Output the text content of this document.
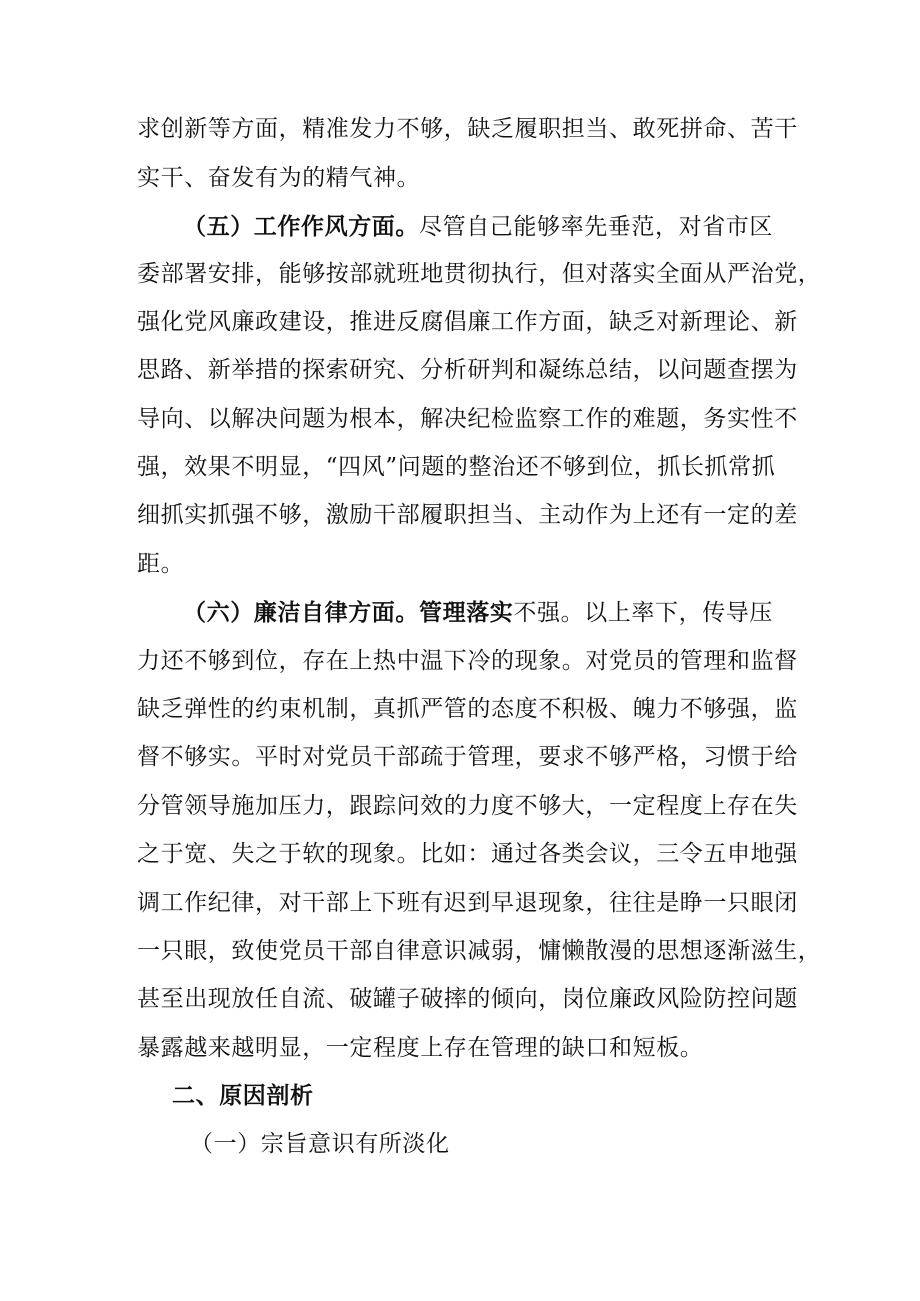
求创新等方面，精准发力不够，缺乏履职担当、敢死拼命、苦干
实干、奋发有为的精气神。
（五）工作作风方面。尽管自己能够率先垂范，对省市区
委部署安排，能够按部就班地贯彻执行，但对落实全面从严治党，
强化党风廉政建设，推进反腐倡廉工作方面，缺乏对新理论、新
思路、新举措的探索研究、分析研判和凝练总结，以问题查摆为
导向、以解决问题为根本，解决纪检监察工作的难题，务实性不
强，效果不明显，“四风”问题的整治还不够到位，抓长抓常抓
细抓实抓强不够，激励干部履职担当、主动作为上还有一定的差
距。
（六）廉洁自律方面。管理落实不强。以上率下，传导压
力还不够到位，存在上热中温下冷的现象。对党员的管理和监督
缺乏弹性的约束机制，真抓严管的态度不积极、魄力不够强，监
督不够实。平时对党员干部疏于管理，要求不够严格，习惯于给
分管领导施加压力，跟踪问效的力度不够大，一定程度上存在失
之于宽、失之于软的现象。比如：通过各类会议，三令五申地强
调工作纪律，对干部上下班有迟到早退现象，往往是睁一只眼闭
一只眼，致使党员干部自律意识减弱，慵懒散漫的思想逐渐滋生，
甚至出现放任自流、破罐子破摔的倾向，岗位廉政风险防控问题
暴露越来越明显，一定程度上存在管理的缺口和短板。
二、原因剖析
（一）宗旨意识有所淡化
